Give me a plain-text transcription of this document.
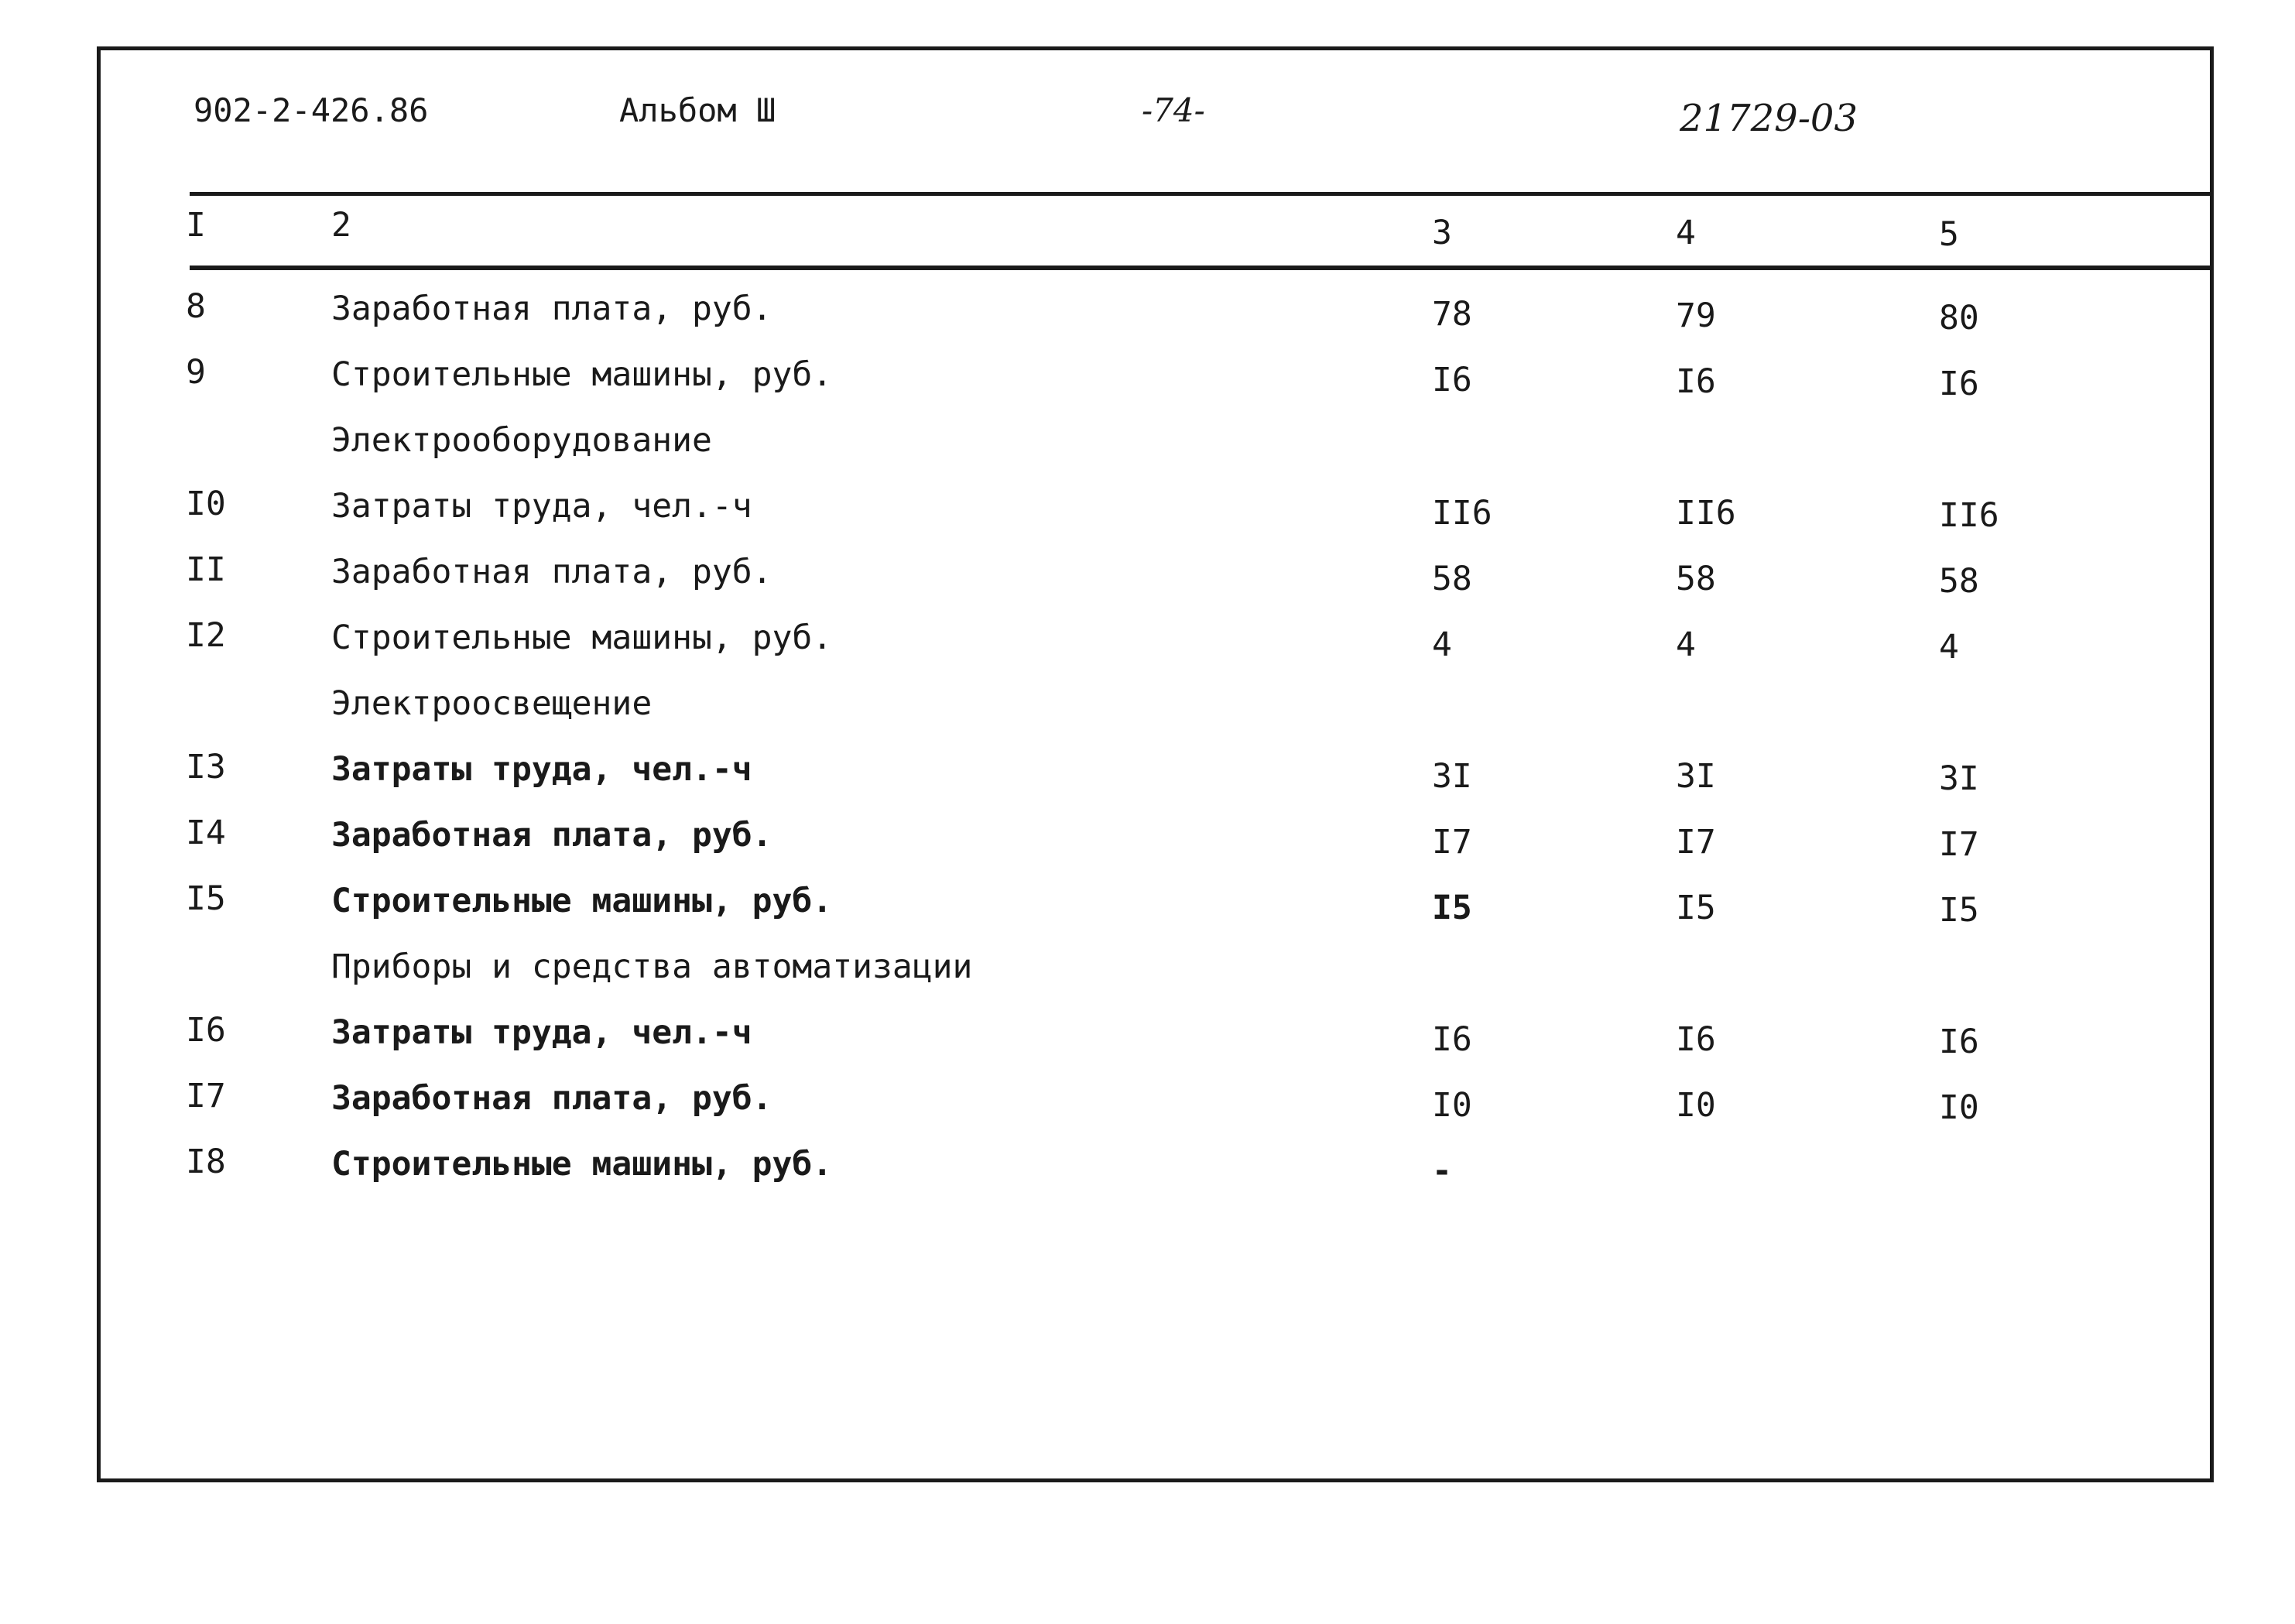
902-2-426.86	Альбом Ш	-74-	21729-03
I	2	3	4	5
8	Заработная плата, руб.	78	79	80
9	Строительные машины, руб.	I6	I6	I6
Электрооборудование
I0	Затраты труда, чел.-ч	II6	II6	II6
II	Заработная плата, руб.	58	58	58
I2	Строительные машины, руб.	4	4	4
Электроосвещение
I3	Затраты труда, чел.-ч	3I	3I	3I
I4	Заработная плата, руб.	I7	I7	I7
I5	Строительные машины, руб.	I5	I5	I5
Приборы и средства автоматизации
I6	Затраты труда, чел.-ч	I6	I6	I6
I7	Заработная плата, руб.	I0	I0	I0
I8	Строительные машины, руб.	-
